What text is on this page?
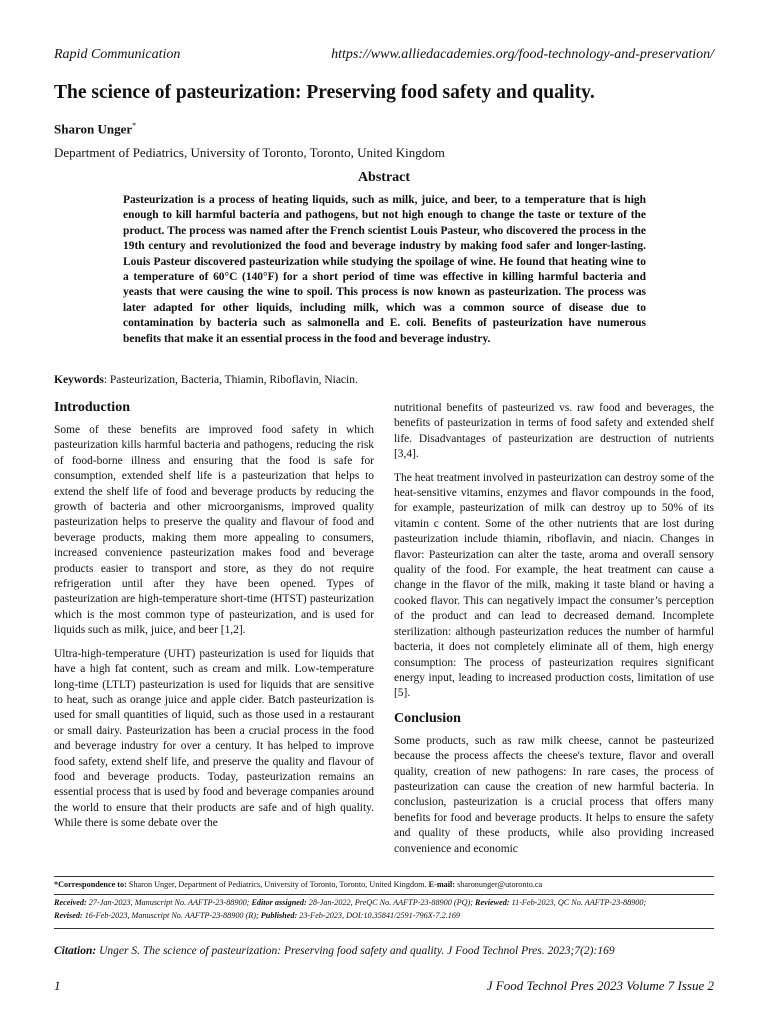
Rapid Communication	https://www.alliedacademies.org/food-technology-and-preservation/
The science of pasteurization: Preserving food safety and quality.
Sharon Unger*
Department of Pediatrics, University of Toronto, Toronto, United Kingdom
Abstract
Pasteurization is a process of heating liquids, such as milk, juice, and beer, to a temperature that is high enough to kill harmful bacteria and pathogens, but not high enough to change the taste or texture of the product. The process was named after the French scientist Louis Pasteur, who discovered the process in the 19th century and revolutionized the food and beverage industry by making food safer and longer-lasting. Louis Pasteur discovered pasteurization while studying the spoilage of wine. He found that heating wine to a temperature of 60°C (140°F) for a short period of time was effective in killing harmful bacteria and yeasts that were causing the wine to spoil. This process is now known as pasteurization. The process was later adapted for other liquids, including milk, which was a common source of disease due to contamination by bacteria such as salmonella and E. coli. Benefits of pasteurization have numerous benefits that make it an essential process in the food and beverage industry.
Keywords: Pasteurization, Bacteria, Thiamin, Riboflavin, Niacin.
Introduction

Some of these benefits are improved food safety in which pasteurization kills harmful bacteria and pathogens, reducing the risk of food-borne illness and ensuring that the food is safe for consumption, extended shelf life is a pasteurization that helps to extend the shelf life of food and beverage products by reducing the growth of bacteria and other microorganisms, improved quality pasteurization helps to preserve the quality and flavour of food and beverage products, making them more appealing to consumers, increased convenience pasteurization makes food and beverage products easier to transport and store, as they do not require refrigeration until after they have been opened. Types of pasteurization are high-temperature short-time (HTST) pasteurization which is the most common type of pasteurization, and is used for liquids such as milk, juice, and beer [1,2].

Ultra-high-temperature (UHT) pasteurization is used for liquids that have a high fat content, such as cream and milk. Low-temperature long-time (LTLT) pasteurization is used for liquids that are sensitive to heat, such as orange juice and apple cider. Batch pasteurization is used for small quantities of liquid, such as those used in a restaurant or small dairy. Pasteurization has been a crucial process in the food and beverage industry for over a century. It has helped to improve food safety, extend shelf life, and preserve the quality and flavour of food and beverage products. Today, pasteurization remains an essential process that is used by food and beverage companies around the world to ensure that their products are safe and of high quality. While there is some debate over the

nutritional benefits of pasteurized vs. raw food and beverages, the benefits of pasteurization in terms of food safety and extended shelf life. Disadvantages of pasteurization are destruction of nutrients [3,4].

The heat treatment involved in pasteurization can destroy some of the heat-sensitive vitamins, enzymes and flavor compounds in the food, for example, pasteurization of milk can destroy up to 50% of its vitamin c content. Some of the other nutrients that are lost during pasteurization include thiamin, riboflavin, and niacin. Changes in flavor: Pasteurization can alter the taste, aroma and overall sensory quality of the food. For example, the heat treatment can cause a change in the flavor of the milk, making it taste bland or having a cooked flavor. This can negatively impact the consumer’s perception of the product and can lead to decreased demand. Incomplete sterilization: although pasteurization reduces the number of harmful bacteria, it does not completely eliminate all of them, high energy consumption: The process of pasteurization requires significant energy input, leading to increased production costs, limitation of use [5].

Conclusion

Some products, such as raw milk cheese, cannot be pasteurized because the process affects the cheese's texture, flavor and overall quality, creation of new pathogens: In rare cases, the process of pasteurization can cause the creation of new harmful bacteria. In conclusion, pasteurization is a crucial process that offers many benefits for food and beverage products. It helps to ensure the safety and quality of these products, while also providing increased convenience and economic

*Correspondence to: Sharon Unger, Department of Pediatrics, University of Toronto, Toronto, United Kingdom. E-mail: sharonunger@utoronto.ca
Received: 27-Jan-2023, Manuscript No. AAFTP-23-88900; Editor assigned: 28-Jan-2022, PreQC No. AAFTP-23-88900 (PQ); Reviewed: 11-Feb-2023, QC No. AAFTP-23-88900;
Revised: 16-Feb-2023, Manuscript No. AAFTP-23-88900 (R); Published: 23-Feb-2023, DOI:10.35841/2591-796X-7.2.169
Citation: Unger S. The science of pasteurization: Preserving food safety and quality. J Food Technol Pres. 2023;7(2):169
1	J Food Technol Pres 2023 Volume 7 Issue 2
